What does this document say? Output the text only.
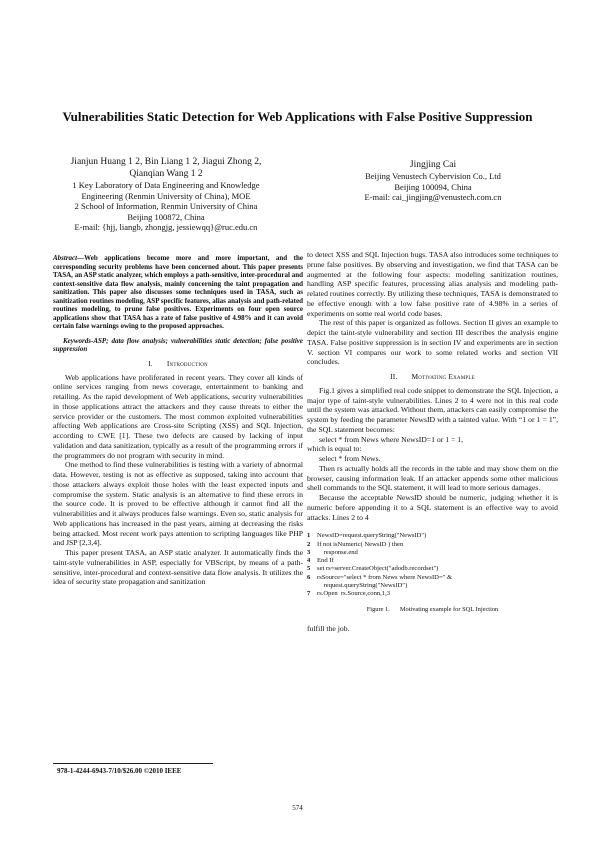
Vulnerabilities Static Detection for Web Applications with False Positive Suppression
Jianjun Huang 1 2, Bin Liang 1 2, Jiagui Zhong 2,
Qianqian Wang 1 2
1 Key Laboratory of Data Engineering and Knowledge
Engineering (Renmin University of China), MOE
2 School of Information, Renmin University of China
Beijing 100872, China
E-mail: {hjj, liangb, zhongjg, jessiewqq}@ruc.edu.cn
Jingjing Cai
Beijing Venustech Cybervision Co., Ltd
Beijing 100094, China
E-mail: cai_jingjing@venustech.com.cn

Abstract—Web applications become more and more important, and the corresponding security problems have been concerned about. This paper presents TASA, an ASP static analyzer, which employs a path-sensitive, inter-procedural and context-sensitive data flow analysis, mainly concerning the taint propagation and sanitization. This paper also discusses some techniques used in TASA, such as sanitization routines modeling, ASP specific features, alias analysis and path-related routines modeling, to prune false positives. Experiments on four open source applications show that TASA has a rate of false positive of 4.98% and it can avoid certain false warnings owing to the proposed approaches.

Keywords-ASP; data flow analysis; vulnerabilities static detection; false positive suppression

I. Introduction

Web applications have proliferated in recent years. They cover all kinds of online services ranging from news coverage, entertainment to banking and retailing. As the rapid development of Web applications, security vulnerabilities in those applications attract the attackers and they cause threats to either the service provider or the customers. The most common exploited vulnerabilities affecting Web applications are Cross-site Scripting (XSS) and SQL Injection, according to CWE [1]. These two defects are caused by lacking of input validation and data sanitization, typically as a result of the programming errors if the programmers do not program with security in mind.

One method to find these vulnerabilities is testing with a variety of abnormal data. However, testing is not as effective as supposed, taking into account that those attackers always exploit those holes with the least expected inputs and compromise the system. Static analysis is an alternative to find these errors in the source code. It is proved to be effective although it cannot find all the vulnerabilities and it always produces false warnings. Even so, static analysis for Web applications has increased in the past years, aiming at decreasing the risks being attacked. Most recent work pays attention to scripting languages like PHP and JSP [2,3,4].

This paper present TASA, an ASP static analyzer. It automatically finds the taint-style vulnerabilities in ASP, especially for VBScript, by means of a path-sensitive, inter-procedural and context-sensitive data flow analysis. It utilizes the idea of security state propagation and sanitization

to detect XSS and SQL Injection bugs. TASA also introduces some techniques to prune false positives. By observing and investigation, we find that TASA can be augmented at the following four aspects: modeling sanitization routines, handling ASP specific features, processing alias analysis and modeling path-related routines correctly. By utilizing these techniques, TASA is demonstrated to be effective enough with a low false positive rate of 4.98% in a series of experiments on some real world code bases.

The rest of this paper is organized as follows. Section II gives an example to depict the taint-style vulnerability and section III describes the analysis engine TASA. False positive suppression is in section IV and experiments are in section V. section VI compares our work to some related works and section VII concludes.

II. Motivating Example

Fig.1 gives a simplified real code snippet to demonstrate the SQL Injection, a major type of taint-style vulnerabilities. Lines 2 to 4 were not in this real code until the system was attacked. Without them, attackers can easily compromise the system by feeding the parameter NewsID with a tainted value. With “1 or 1 = 1”, the SQL statement becomes:

select * from News where NewsID=1 or 1 = 1,

which is equal to:

select * from News.

Then rs actually holds all the records in the table and may show them on the browser, causing information leak. If an attacker appends some other malicious shell commands to the SQL statement, it will lead to more serious damages.

Because the acceptable NewsID should be numeric, judging whether it is numeric before appending it to a SQL statement is an effective way to avoid attacks. Lines 2 to 4

1	NewsID=request.queryString("NewsID")
2	If not isNumeric( NewsID ) then
3	response.end
4	End If
5	set rs=server.CreateObject("adodb.recordset")
6	rsSource="select * from News where NewsID=" &
request.queryString("NewsID")
7	rs.Open  rs.Source,conn,1,3
Figure 1. Motivating example for SQL Injection

fulfill the job.

978-1-4244-6943-7/10/$26.00 ©2010 IEEE
574
